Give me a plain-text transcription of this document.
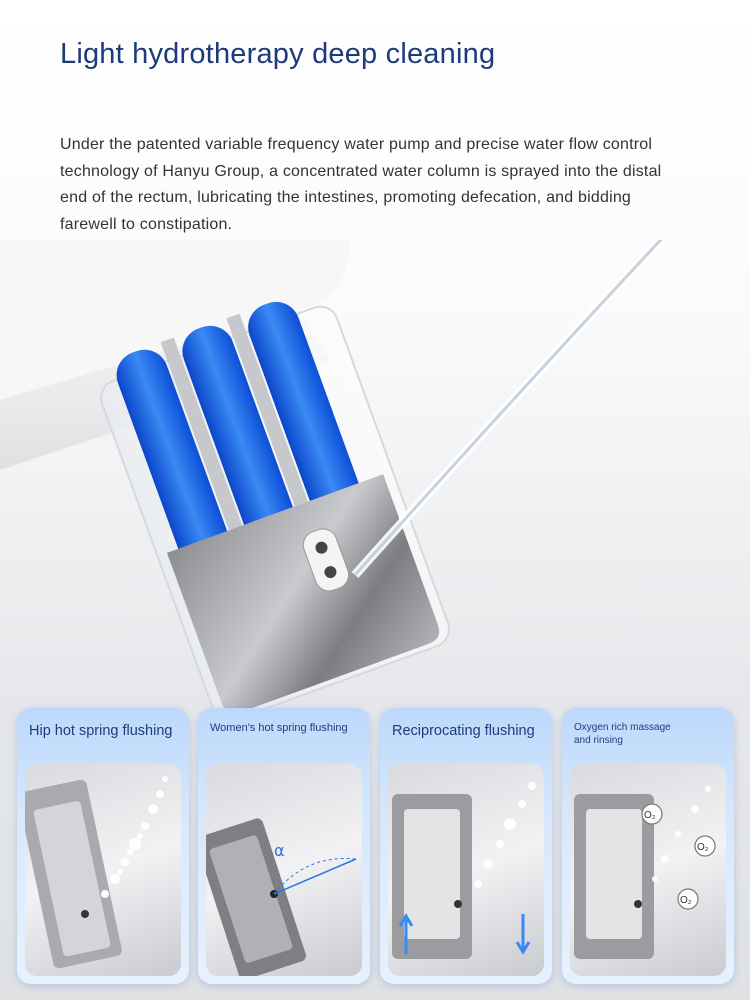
Light hydrotherapy deep cleaning
Under the patented variable frequency water pump and precise water flow control technology of Hanyu Group, a concentrated water column is sprayed into the distal end of the rectum, lubricating the intestines, promoting defecation, and bidding farewell to constipation.
Hip hot spring flushing	Women's hot spring flushing
α
Reciprocating flushing	Oxygen rich massage and rinsing
O₂
O₂
O₂
